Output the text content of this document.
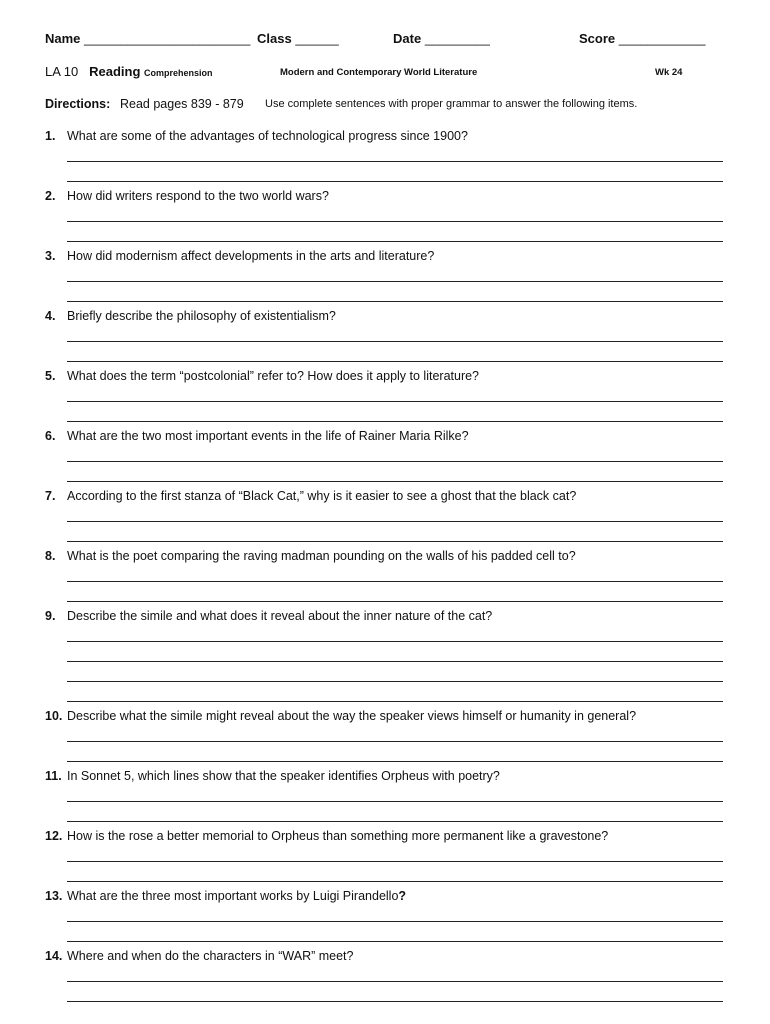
Name _______________________ Class ______	Date _________	Score ____________
LA 10 Reading Comprehension	Modern and Contemporary World Literature	Wk 24
Directions: Read pages 839 - 879 Use complete sentences with proper grammar to answer the following items.
1. What are some of the advantages of technological progress since 1900?
2. How did writers respond to the two world wars?
3. How did modernism affect developments in the arts and literature?
4. Briefly describe the philosophy of existentialism?
5. What does the term “postcolonial” refer to? How does it apply to literature?
6. What are the two most important events in the life of Rainer Maria Rilke?
7. According to the first stanza of “Black Cat,” why is it easier to see a ghost that the black cat?
8. What is the poet comparing the raving madman pounding on the walls of his padded cell to?
9. Describe the simile and what does it reveal about the inner nature of the cat?
10. Describe what the simile might reveal about the way the speaker views himself or humanity in general?
11. In Sonnet 5, which lines show that the speaker identifies Orpheus with poetry?
12. How is the rose a better memorial to Orpheus than something more permanent like a gravestone?
13. What are the three most important works by Luigi Pirandello?
14. Where and when do the characters in “WAR” meet?
